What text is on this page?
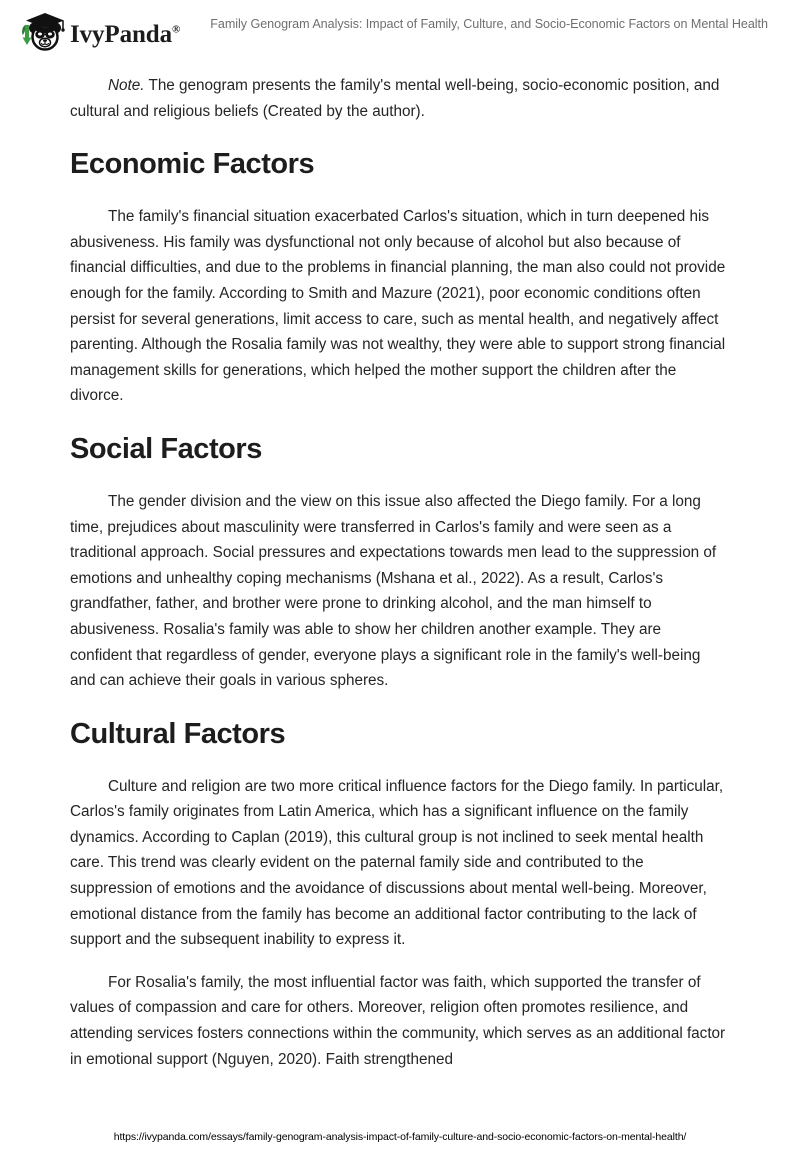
IvyPanda®	Family Genogram Analysis: Impact of Family, Culture, and Socio-Economic Factors on Mental Health

Note. The genogram presents the family's mental well-being, socio-economic position, and cultural and religious beliefs (Created by the author).

Economic Factors

The family's financial situation exacerbated Carlos's situation, which in turn deepened his abusiveness. His family was dysfunctional not only because of alcohol but also because of financial difficulties, and due to the problems in financial planning, the man also could not provide enough for the family. According to Smith and Mazure (2021), poor economic conditions often persist for several generations, limit access to care, such as mental health, and negatively affect parenting. Although the Rosalia family was not wealthy, they were able to support strong financial management skills for generations, which helped the mother support the children after the divorce.

Social Factors

The gender division and the view on this issue also affected the Diego family. For a long time, prejudices about masculinity were transferred in Carlos's family and were seen as a traditional approach. Social pressures and expectations towards men lead to the suppression of emotions and unhealthy coping mechanisms (Mshana et al., 2022). As a result, Carlos's grandfather, father, and brother were prone to drinking alcohol, and the man himself to abusiveness. Rosalia's family was able to show her children another example. They are confident that regardless of gender, everyone plays a significant role in the family's well-being and can achieve their goals in various spheres.

Cultural Factors

Culture and religion are two more critical influence factors for the Diego family. In particular, Carlos's family originates from Latin America, which has a significant influence on the family dynamics. According to Caplan (2019), this cultural group is not inclined to seek mental health care. This trend was clearly evident on the paternal family side and contributed to the suppression of emotions and the avoidance of discussions about mental well-being. Moreover, emotional distance from the family has become an additional factor contributing to the lack of support and the subsequent inability to express it.

For Rosalia's family, the most influential factor was faith, which supported the transfer of values of compassion and care for others. Moreover, religion often promotes resilience, and attending services fosters connections within the community, which serves as an additional factor in emotional support (Nguyen, 2020). Faith strengthened

https://ivypanda.com/essays/family-genogram-analysis-impact-of-family-culture-and-socio-economic-factors-on-mental-health/
